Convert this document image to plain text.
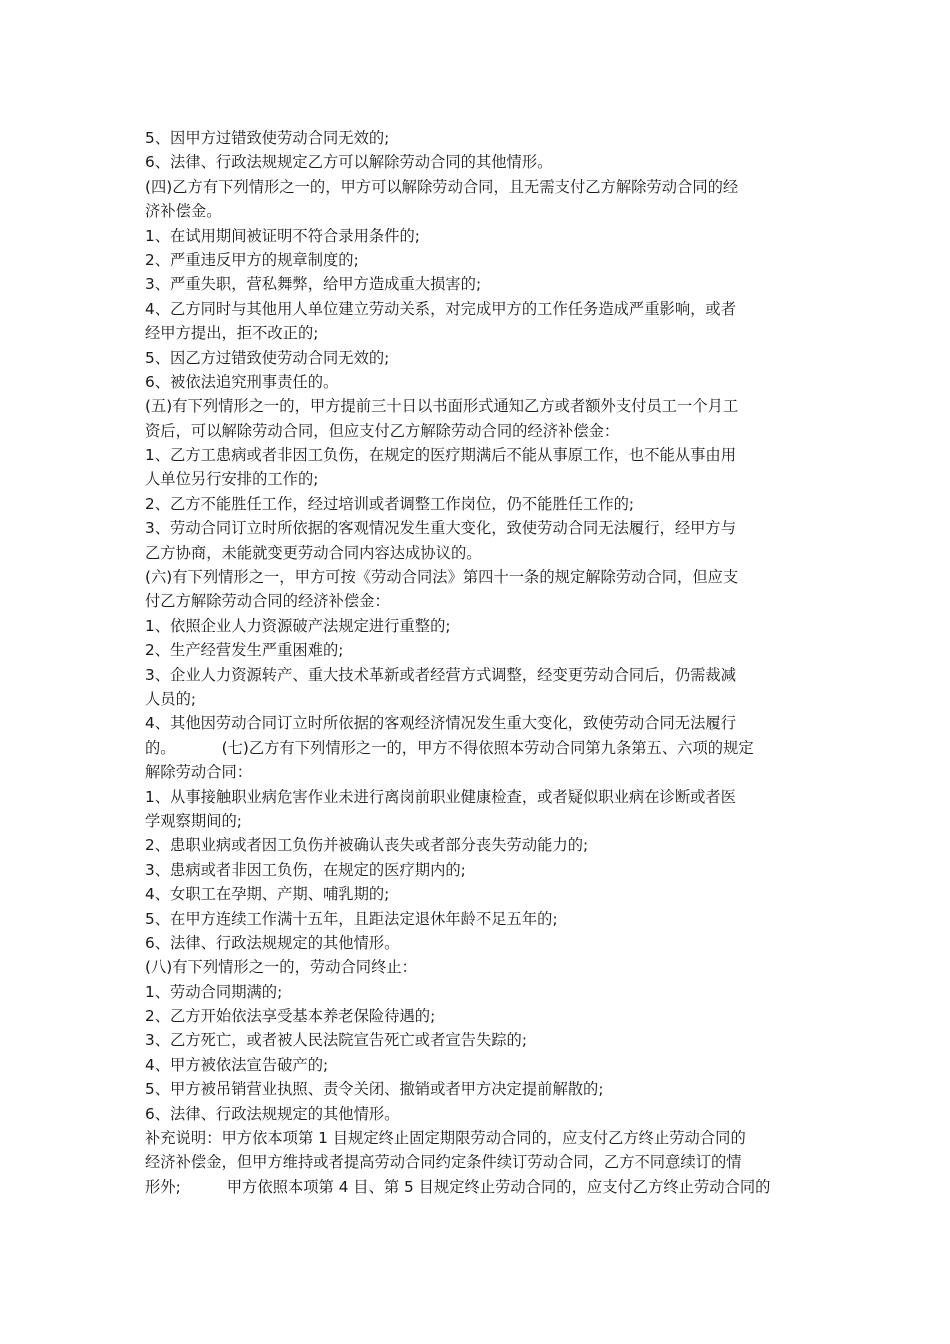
5、因甲方过错致使劳动合同无效的;
6、法律、行政法规规定乙方可以解除劳动合同的其他情形。
(四)乙方有下列情形之一的，甲方可以解除劳动合同，且无需支付乙方解除劳动合同的经
济补偿金。
1、在试用期间被证明不符合录用条件的;
2、严重违反甲方的规章制度的;
3、严重失职，营私舞弊，给甲方造成重大损害的;
4、乙方同时与其他用人单位建立劳动关系，对完成甲方的工作任务造成严重影响，或者
经甲方提出，拒不改正的;
5、因乙方过错致使劳动合同无效的;
6、被依法追究刑事责任的。
(五)有下列情形之一的，甲方提前三十日以书面形式通知乙方或者额外支付员工一个月工
资后，可以解除劳动合同，但应支付乙方解除劳动合同的经济补偿金：
1、乙方工患病或者非因工负伤，在规定的医疗期满后不能从事原工作，也不能从事由用
人单位另行安排的工作的;
2、乙方不能胜任工作，经过培训或者调整工作岗位，仍不能胜任工作的;
3、劳动合同订立时所依据的客观情况发生重大变化，致使劳动合同无法履行，经甲方与
乙方协商，未能就变更劳动合同内容达成协议的。
(六)有下列情形之一，甲方可按《劳动合同法》第四十一条的规定解除劳动合同，但应支
付乙方解除劳动合同的经济补偿金：
1、依照企业人力资源破产法规定进行重整的;
2、生产经营发生严重困难的;
3、企业人力资源转产、重大技术革新或者经营方式调整，经变更劳动合同后，仍需裁减
人员的;
4、其他因劳动合同订立时所依据的客观经济情况发生重大变化，致使劳动合同无法履行
的。	(七)乙方有下列情形之一的，甲方不得依照本劳动合同第九条第五、六项的规定
解除劳动合同：
1、从事接触职业病危害作业未进行离岗前职业健康检查，或者疑似职业病在诊断或者医
学观察期间的;
2、患职业病或者因工负伤并被确认丧失或者部分丧失劳动能力的;
3、患病或者非因工负伤，在规定的医疗期内的;
4、女职工在孕期、产期、哺乳期的;
5、在甲方连续工作满十五年，且距法定退休年龄不足五年的;
6、法律、行政法规规定的其他情形。
(八)有下列情形之一的，劳动合同终止：
1、劳动合同期满的;
2、乙方开始依法享受基本养老保险待遇的;
3、乙方死亡，或者被人民法院宣告死亡或者宣告失踪的;
4、甲方被依法宣告破产的;
5、甲方被吊销营业执照、责令关闭、撤销或者甲方决定提前解散的;
6、法律、行政法规规定的其他情形。
补充说明：甲方依本项第 1 目规定终止固定期限劳动合同的，应支付乙方终止劳动合同的
经济补偿金，但甲方维持或者提高劳动合同约定条件续订劳动合同，乙方不同意续订的情
形外;	甲方依照本项第 4 目、第 5 目规定终止劳动合同的，应支付乙方终止劳动合同的
